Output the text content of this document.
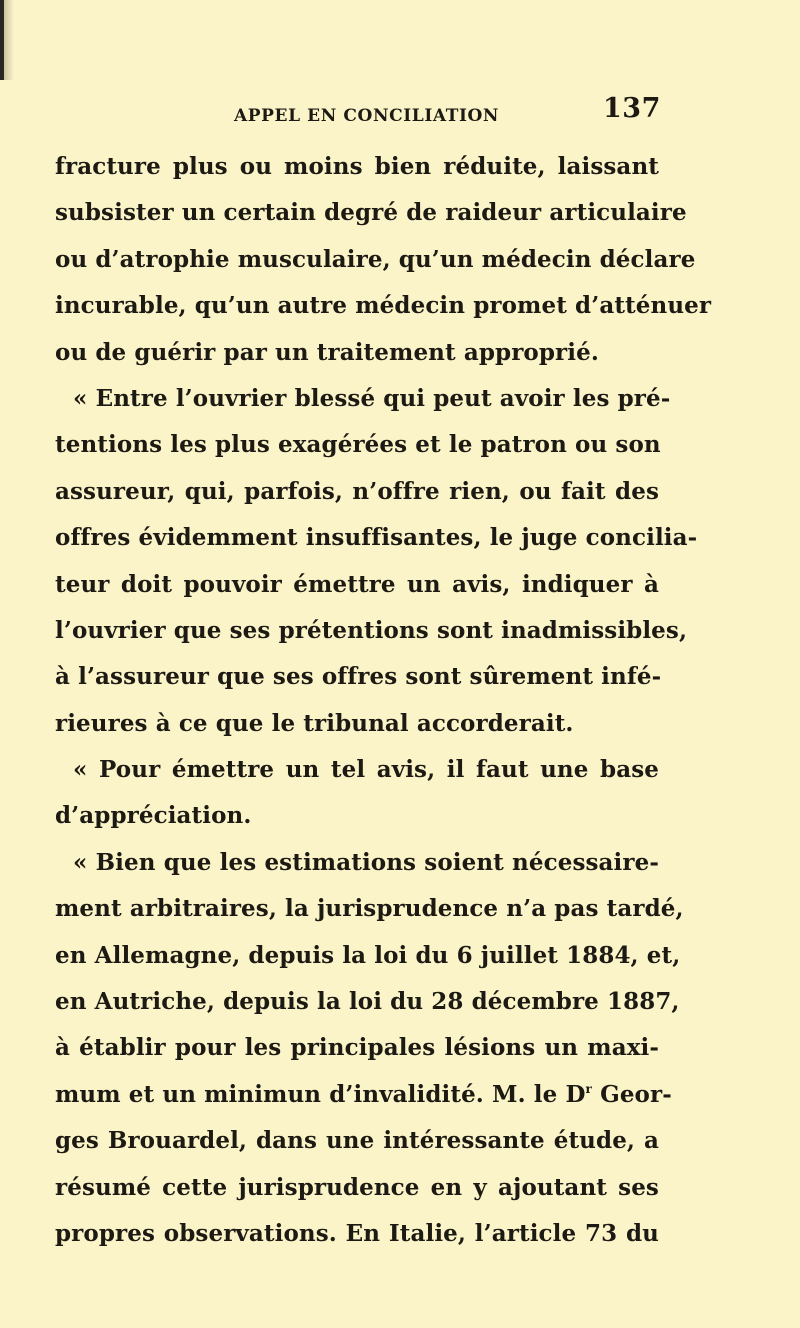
APPEL EN CONCILIATION	137
fracture plus ou moins bien réduite, laissant
subsister un certain degré de raideur articulaire
ou d’atrophie musculaire, qu’un médecin déclare
incurable, qu’un autre médecin promet d’atténuer
ou de guérir par un traitement approprié.
« Entre l’ouvrier blessé qui peut avoir les pré-
tentions les plus exagérées et le patron ou son
assureur, qui, parfois, n’offre rien, ou fait des
offres évidemment insuffisantes, le juge concilia-
teur doit pouvoir émettre un avis, indiquer à
l’ouvrier que ses prétentions sont inadmissibles,
à l’assureur que ses offres sont sûrement infé-
rieures à ce que le tribunal accorderait.
« Pour émettre un tel avis, il faut une base
d’appréciation.
« Bien que les estimations soient nécessaire-
ment arbitraires, la jurisprudence n’a pas tardé,
en Allemagne, depuis la loi du 6 juillet 1884, et,
en Autriche, depuis la loi du 28 décembre 1887,
à établir pour les principales lésions un maxi-
mum et un minimun d’invalidité. M. le $D^r$ Geor-
ges Brouardel, dans une intéressante étude, a
résumé cette jurisprudence en y ajoutant ses
propres observations. En Italie, l’article 73 du
